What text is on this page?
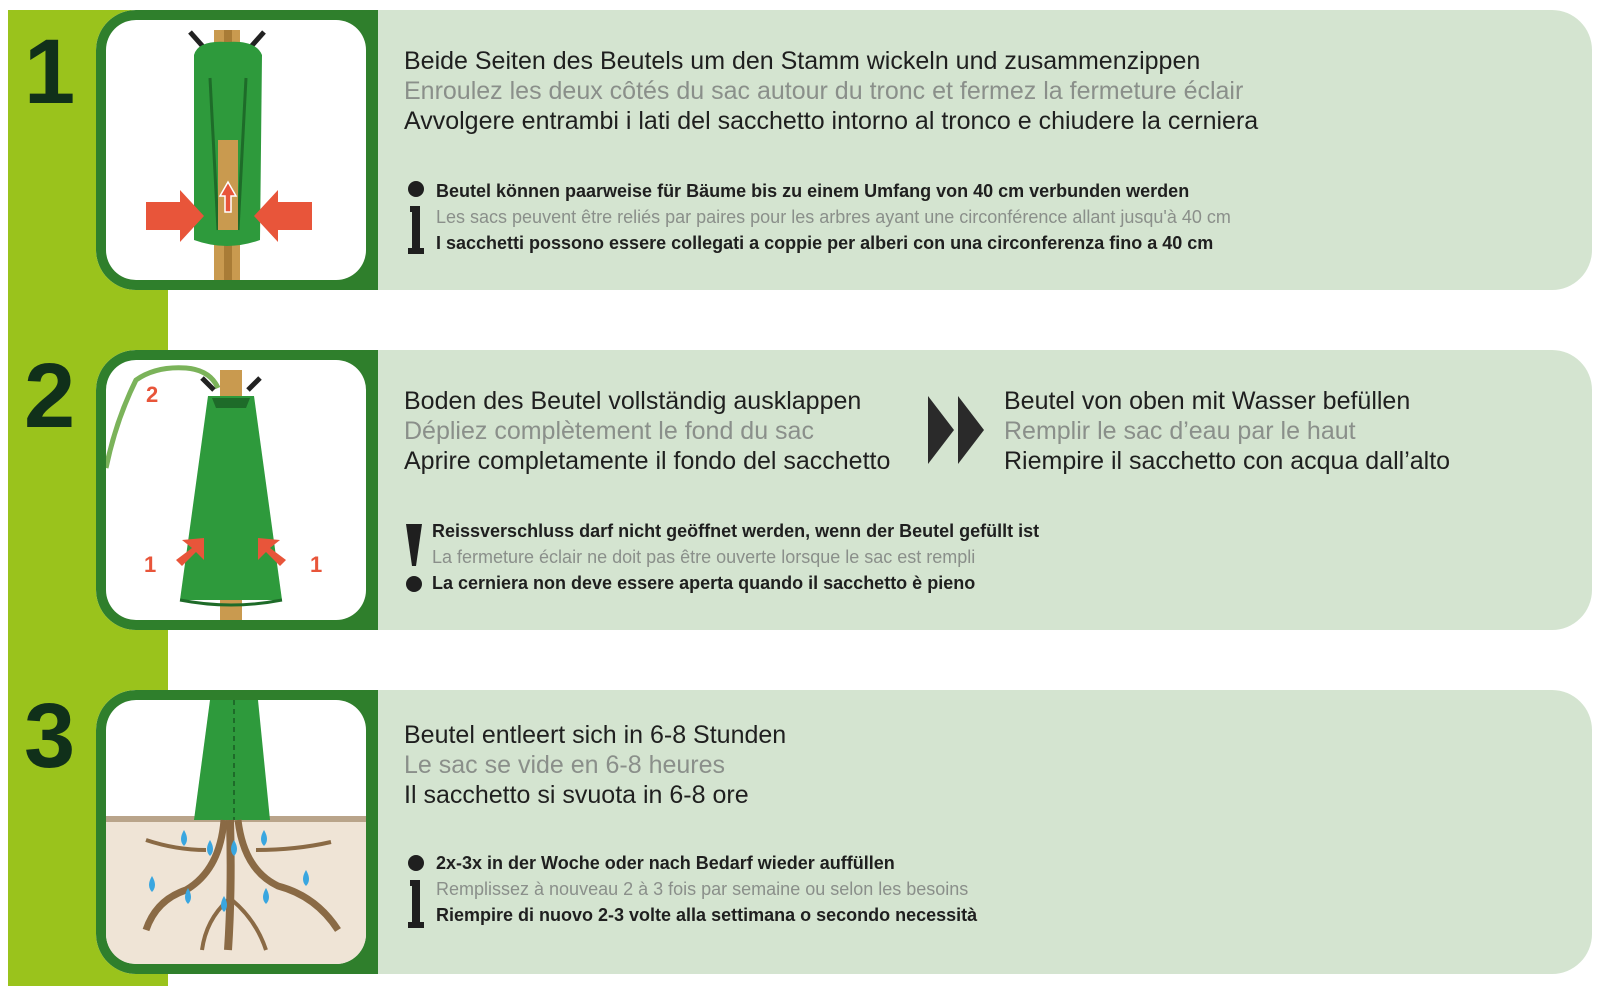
1	Beide Seiten des Beutels um den Stamm wickeln und zusammenzippen
Enroulez les deux côtés du sac autour du tronc et fermez la fermeture éclair
Avvolgere entrambi i lati del sacchetto intorno al tronco e chiudere la cerniera
Beutel können paarweise für Bäume bis zu einem Umfang von 40 cm verbunden werden
Les sacs peuvent être reliés par paires pour les arbres ayant une circonférence allant jusqu'à 40 cm
I sacchetti possono essere collegati a coppie per alberi con una circonferenza fino a 40 cm
2	2
1	1
Boden des Beutel vollständig ausklappen
Dépliez complètement le fond du sac
Aprire completamente il fondo del sacchetto
Beutel von oben mit Wasser befüllen
Remplir le sac d’eau par le haut
Riempire il sacchetto con acqua dall’alto
Reissverschluss darf nicht geöffnet werden, wenn der Beutel gefüllt ist
La fermeture éclair ne doit pas être ouverte lorsque le sac est rempli
La cerniera non deve essere aperta quando il sacchetto è pieno
3	Beutel entleert sich in 6-8 Stunden
Le sac se vide en 6-8 heures
Il sacchetto si svuota in 6-8 ore
2x-3x in der Woche oder nach Bedarf wieder auffüllen
Remplissez à nouveau 2 à 3 fois par semaine ou selon les besoins
Riempire di nuovo 2-3 volte alla settimana o secondo necessità
